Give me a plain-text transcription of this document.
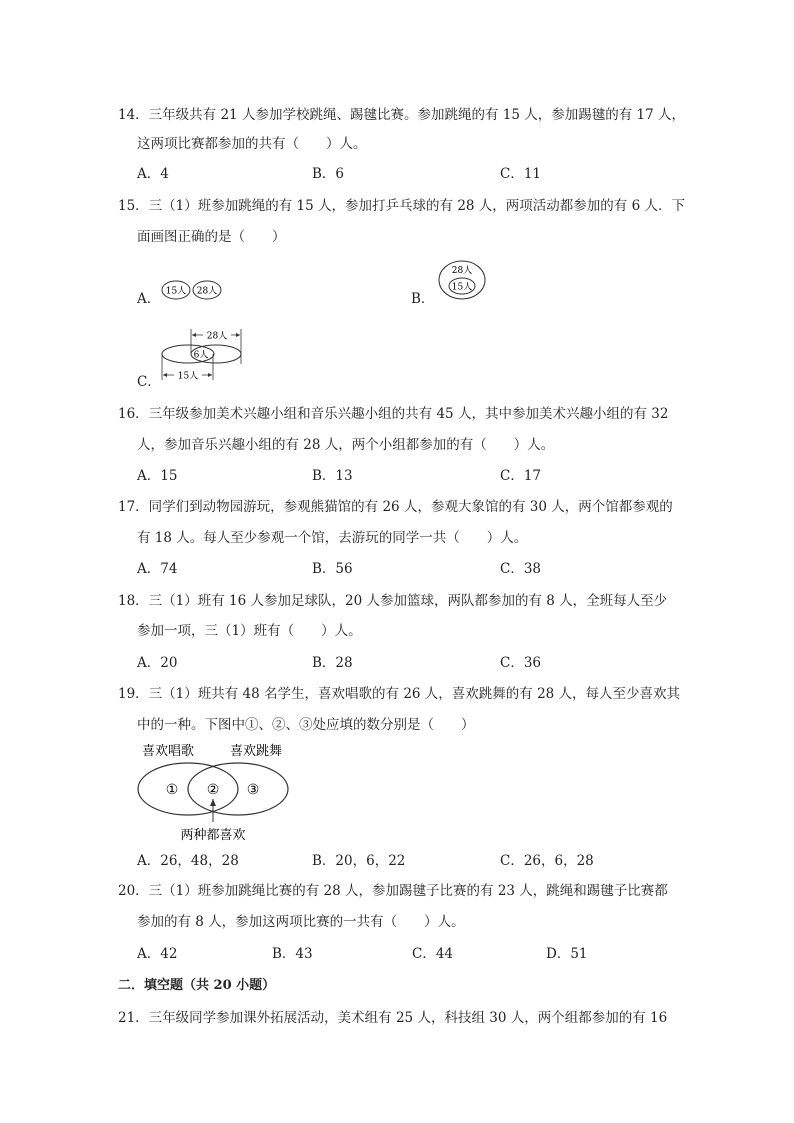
14．三年级共有 21 人参加学校跳绳、踢毽比赛。参加跳绳的有 15 人，参加踢毽的有 17 人，
这两项比赛都参加的共有（　　）人。
A．4	B．6	C．11
15．三（1）班参加跳绳的有 15 人，参加打乒乓球的有 28 人，两项活动都参加的有 6 人．下
面画图正确的是（　　）
A． 15人 28人	B．
28人
15人
C．
28人
6人
15人
16．三年级参加美术兴趣小组和音乐兴趣小组的共有 45 人，其中参加美术兴趣小组的有 32
人，参加音乐兴趣小组的有 28 人，两个小组都参加的有（　　）人。
A．15	B．13	C．17
17．同学们到动物园游玩，参观熊猫馆的有 26 人，参观大象馆的有 30 人，两个馆都参观的
有 18 人。每人至少参观一个馆，去游玩的同学一共（　　）人。
A．74	B．56	C．38
18．三（1）班有 16 人参加足球队，20 人参加篮球，两队都参加的有 8 人，全班每人至少
参加一项，三（1）班有（　　）人。
A．20	B．28	C．36
19．三（1）班共有 48 名学生，喜欢唱歌的有 26 人，喜欢跳舞的有 28 人，每人至少喜欢其
中的一种。下图中①、②、③处应填的数分别是（　　）
喜欢唱歌	喜欢跳舞
① ② ③
两种都喜欢
A．26，48，28	B．20，6，22	C．26，6，28
20．三（1）班参加跳绳比赛的有 28 人，参加踢毽子比赛的有 23 人，跳绳和踢毽子比赛都
参加的有 8 人，参加这两项比赛的一共有（　　）人。
A．42	B．43	C．44	D．51
二．填空题（共 20 小题）
21．三年级同学参加课外拓展活动，美术组有 25 人，科技组 30 人，两个组都参加的有 16
